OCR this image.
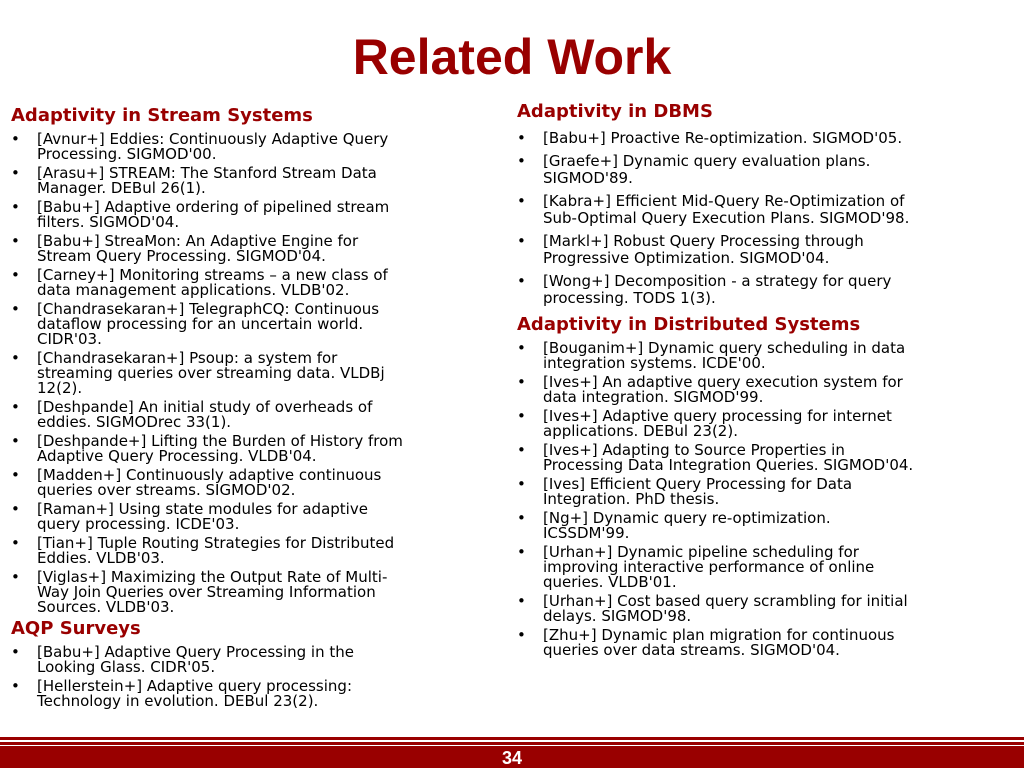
Related Work
Adaptivity in Stream Systems
• [Avnur+] Eddies: Continuously Adaptive Query
Processing. SIGMOD'00.
• [Arasu+] STREAM: The Stanford Stream Data
Manager. DEBul 26(1).
• [Babu+] Adaptive ordering of pipelined stream
filters. SIGMOD'04.
• [Babu+] StreaMon: An Adaptive Engine for
Stream Query Processing. SIGMOD'04.
• [Carney+] Monitoring streams – a new class of
data management applications. VLDB'02.
• [Chandrasekaran+] TelegraphCQ: Continuous
dataflow processing for an uncertain world.
CIDR'03.
• [Chandrasekaran+] Psoup: a system for
streaming queries over streaming data. VLDBj
12(2).
• [Deshpande] An initial study of overheads of
eddies. SIGMODrec 33(1).
• [Deshpande+] Lifting the Burden of History from
Adaptive Query Processing. VLDB'04.
• [Madden+] Continuously adaptive continuous
queries over streams. SIGMOD'02.
• [Raman+] Using state modules for adaptive
query processing. ICDE'03.
• [Tian+] Tuple Routing Strategies for Distributed
Eddies. VLDB'03.
• [Viglas+] Maximizing the Output Rate of Multi-
Way Join Queries over Streaming Information
Sources. VLDB'03.
AQP Surveys
• [Babu+] Adaptive Query Processing in the
Looking Glass. CIDR'05.
• [Hellerstein+] Adaptive query processing:
Technology in evolution. DEBul 23(2).
Adaptivity in DBMS
• [Babu+] Proactive Re-optimization. SIGMOD'05.
• [Graefe+] Dynamic query evaluation plans.
SIGMOD'89.
• [Kabra+] Efficient Mid-Query Re-Optimization of
Sub-Optimal Query Execution Plans. SIGMOD'98.
• [Markl+] Robust Query Processing through
Progressive Optimization. SIGMOD'04.
• [Wong+] Decomposition - a strategy for query
processing. TODS 1(3).
Adaptivity in Distributed Systems
• [Bouganim+] Dynamic query scheduling in data
integration systems. ICDE'00.
• [Ives+] An adaptive query execution system for
data integration. SIGMOD'99.
• [Ives+] Adaptive query processing for internet
applications. DEBul 23(2).
• [Ives+] Adapting to Source Properties in
Processing Data Integration Queries. SIGMOD'04.
• [Ives] Efficient Query Processing for Data
Integration. PhD thesis.
• [Ng+] Dynamic query re-optimization.
ICSSDM'99.
• [Urhan+] Dynamic pipeline scheduling for
improving interactive performance of online
queries. VLDB'01.
• [Urhan+] Cost based query scrambling for initial
delays. SIGMOD'98.
• [Zhu+] Dynamic plan migration for continuous
queries over data streams. SIGMOD'04.
34
